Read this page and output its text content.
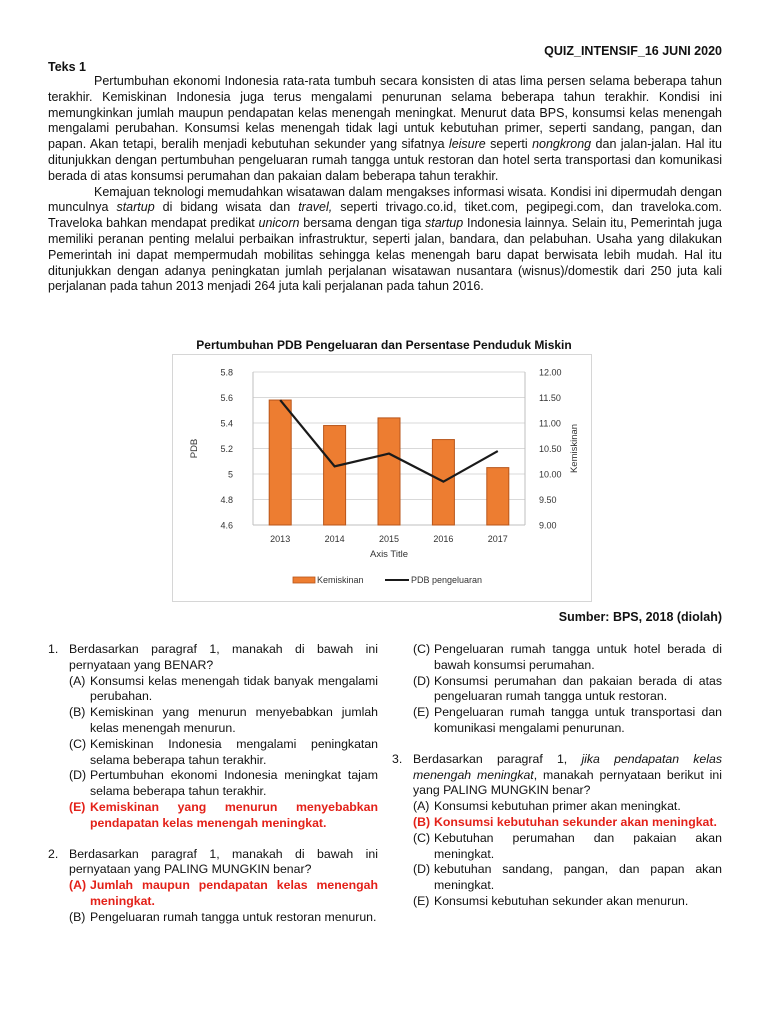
QUIZ_INTENSIF_16 JUNI 2020
Teks 1

Pertumbuhan ekonomi Indonesia rata-rata tumbuh secara konsisten di atas lima persen selama beberapa tahun terakhir. Kemiskinan Indonesia juga terus mengalami penurunan selama beberapa tahun terakhir. Kondisi ini memungkinkan jumlah maupun pendapatan kelas menengah meningkat. Menurut data BPS, konsumsi kelas menengah mengalami perubahan. Konsumsi kelas menengah tidak lagi untuk kebutuhan primer, seperti sandang, pangan, dan papan. Akan tetapi, beralih menjadi kebutuhan sekunder yang sifatnya leisure seperti nongkrong dan jalan-jalan. Hal itu ditunjukkan dengan pertumbuhan pengeluaran rumah tangga untuk restoran dan hotel serta transportasi dan komunikasi berada di atas konsumsi perumahan dan pakaian dalam beberapa tahun terakhir.

Kemajuan teknologi memudahkan wisatawan dalam mengakses informasi wisata. Kondisi ini dipermudah dengan munculnya startup di bidang wisata dan travel, seperti trivago.co.id, tiket.com, pegipegi.com, dan traveloka.com. Traveloka bahkan mendapat predikat unicorn bersama dengan tiga startup Indonesia lainnya. Selain itu, Pemerintah juga memiliki peranan penting melalui perbaikan infrastruktur, seperti jalan, bandara, dan pelabuhan. Usaha yang dilakukan Pemerintah ini dapat mempermudah mobilitas sehingga kelas menengah baru dapat berwisata lebih mudah. Hal itu ditunjukkan dengan adanya peningkatan jumlah perjalanan wisatawan nusantara (wisnus)/domestik dari 250 juta kali perjalanan pada tahun 2013 menjadi 264 juta kali perjalanan pada tahun 2016.

Pertumbuhan PDB Pengeluaran dan Persentase Penduduk Miskin
4.6
4.8
5
5.2
5.4
5.6
5.8
9.00
9.50
10.00
10.50
11.00
11.50
12.00
2013	2014	2015	2016	2017
Axis Title
PDB	Kemiskinan
Kemiskinan	PDB pengeluaran
Sumber: BPS, 2018 (diolah)
1. Berdasarkan paragraf 1, manakah di bawah ini pernyataan yang BENAR?
(A) Konsumsi kelas menengah tidak banyak mengalami perubahan.
(B) Kemiskinan yang menurun menyebabkan jumlah kelas menengah menurun.
(C) Kemiskinan Indonesia mengalami peningkatan selama beberapa tahun terakhir.
(D) Pertumbuhan ekonomi Indonesia meningkat tajam selama beberapa tahun terakhir.
(E) Kemiskinan yang menurun menyebabkan pendapatan kelas menengah meningkat.
2. Berdasarkan paragraf 1, manakah di bawah ini pernyataan yang PALING MUNGKIN benar?
(A) Jumlah maupun pendapatan kelas menengah meningkat.
(B) Pengeluaran rumah tangga untuk restoran menurun.
(C) Pengeluaran rumah tangga untuk hotel berada di bawah konsumsi perumahan.
(D) Konsumsi perumahan dan pakaian berada di atas pengeluaran rumah tangga untuk restoran.
(E) Pengeluaran rumah tangga untuk transportasi dan komunikasi mengalami penurunan.
3. Berdasarkan paragraf 1, jika pendapatan kelas menengah meningkat, manakah pernyataan berikut ini yang PALING MUNGKIN benar?
(A) Konsumsi kebutuhan primer akan meningkat.
(B) Konsumsi kebutuhan sekunder akan meningkat.
(C) Kebutuhan perumahan dan pakaian akan meningkat.
(D) kebutuhan sandang, pangan, dan papan akan meningkat.
(E) Konsumsi kebutuhan sekunder akan menurun.
